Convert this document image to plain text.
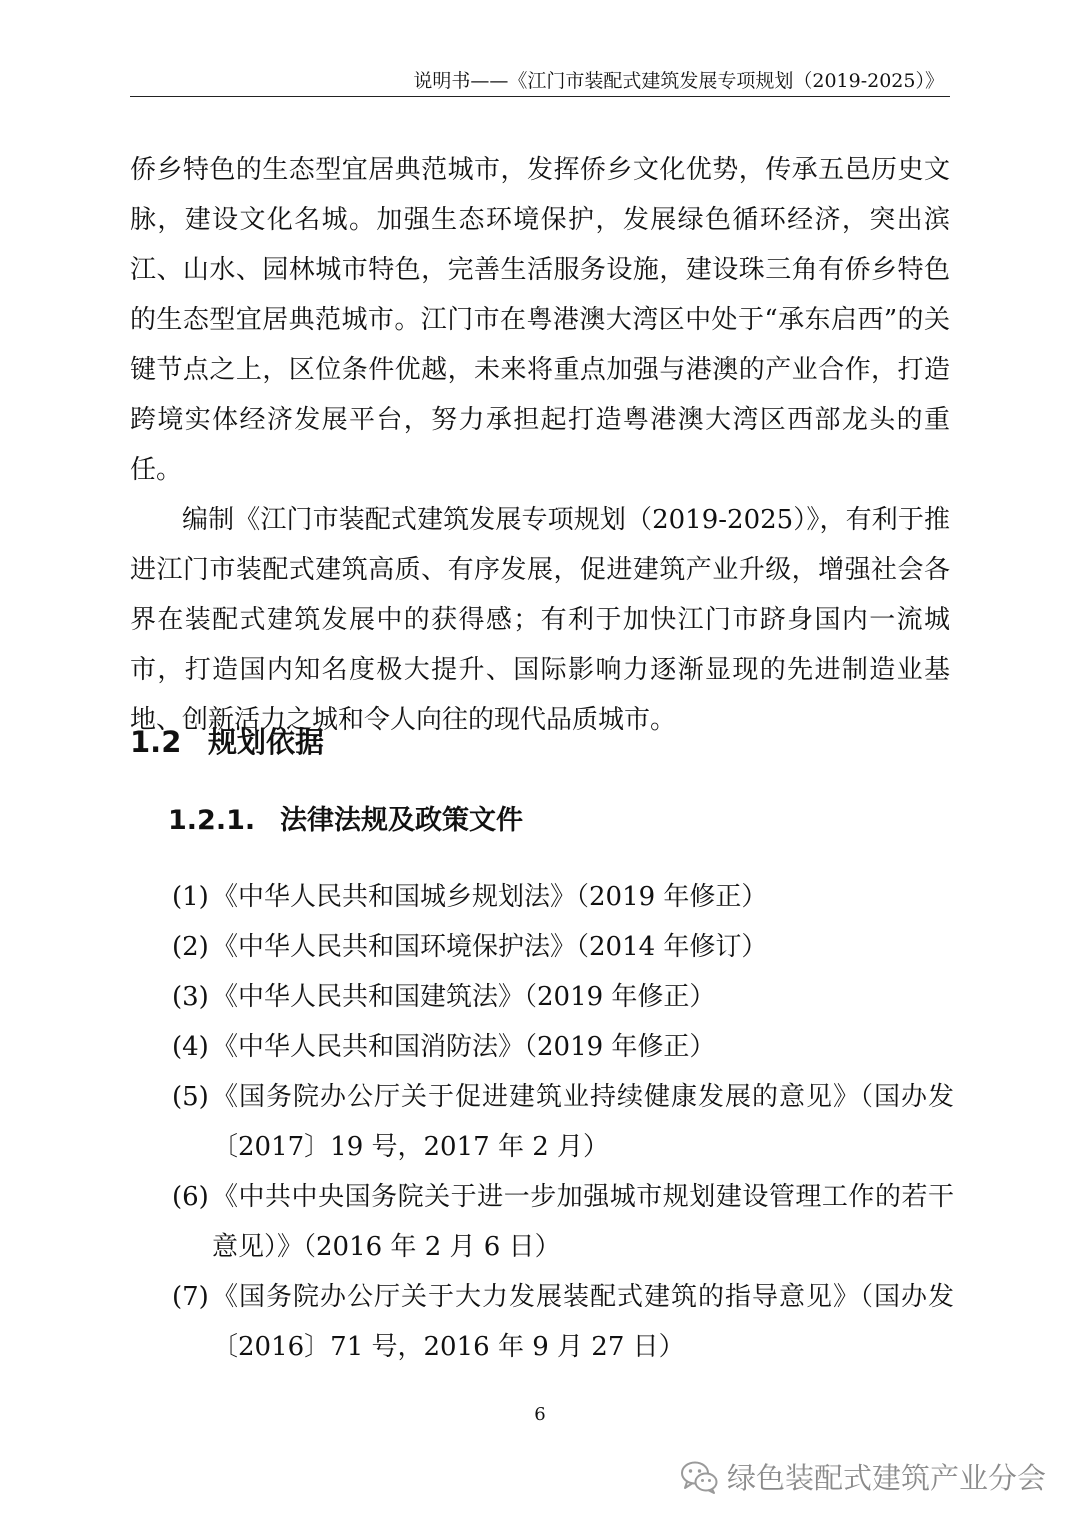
说明书——《江门市装配式建筑发展专项规划（2019-2025）》

侨乡特色的生态型宜居典范城市，发挥侨乡文化优势，传承五邑历史文脉，建设文化名城。加强生态环境保护，发展绿色循环经济，突出滨江、山水、园林城市特色，完善生活服务设施，建设珠三角有侨乡特色的生态型宜居典范城市。江门市在粤港澳大湾区中处于“承东启西”的关键节点之上，区位条件优越，未来将重点加强与港澳的产业合作，打造跨境实体经济发展平台，努力承担起打造粤港澳大湾区西部龙头的重任。

编制《江门市装配式建筑发展专项规划（2019-2025）》，有利于推进江门市装配式建筑高质、有序发展，促进建筑产业升级，增强社会各界在装配式建筑发展中的获得感；有利于加快江门市跻身国内一流城市，打造国内知名度极大提升、国际影响力逐渐显现的先进制造业基地、创新活力之城和令人向往的现代品质城市。

1.2 规划依据
1.2.1. 法律法规及政策文件
(1) 《中华人民共和国城乡规划法》（2019 年修正）
(2) 《中华人民共和国环境保护法》（2014 年修订）
(3) 《中华人民共和国建筑法》（2019 年修正）
(4) 《中华人民共和国消防法》（2019 年修正）
(5) 《国务院办公厅关于促进建筑业持续健康发展的意见》（国办发〔2017〕19 号，2017 年 2 月）
(6) 《中共中央国务院关于进一步加强城市规划建设管理工作的若干意见）》（2016 年 2 月 6 日）
(7) 《国务院办公厅关于大力发展装配式建筑的指导意见》（国办发〔2016〕71 号，2016 年 9 月 27 日）
6
绿色装配式建筑产业分会
